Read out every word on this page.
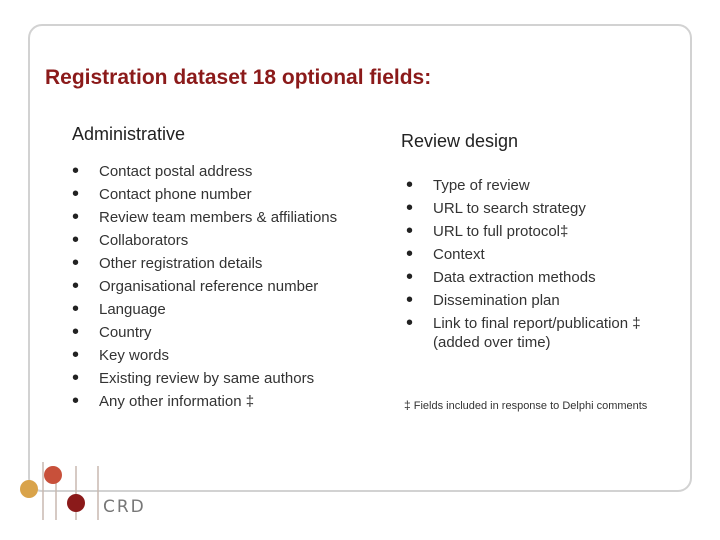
Registration dataset 18 optional fields:
Administrative
• Contact postal address
• Contact phone number
• Review team members & affiliations
• Collaborators
• Other registration details
• Organisational reference number
• Language
• Country
• Key words
• Existing review by same authors
• Any other information ‡
Review design
• Type of review
• URL to search strategy
• URL to full protocol‡
• Context
• Data extraction methods
• Dissemination plan
• Link to final report/publication ‡
(added over time)
‡ Fields included in response to Delphi comments
CRD
